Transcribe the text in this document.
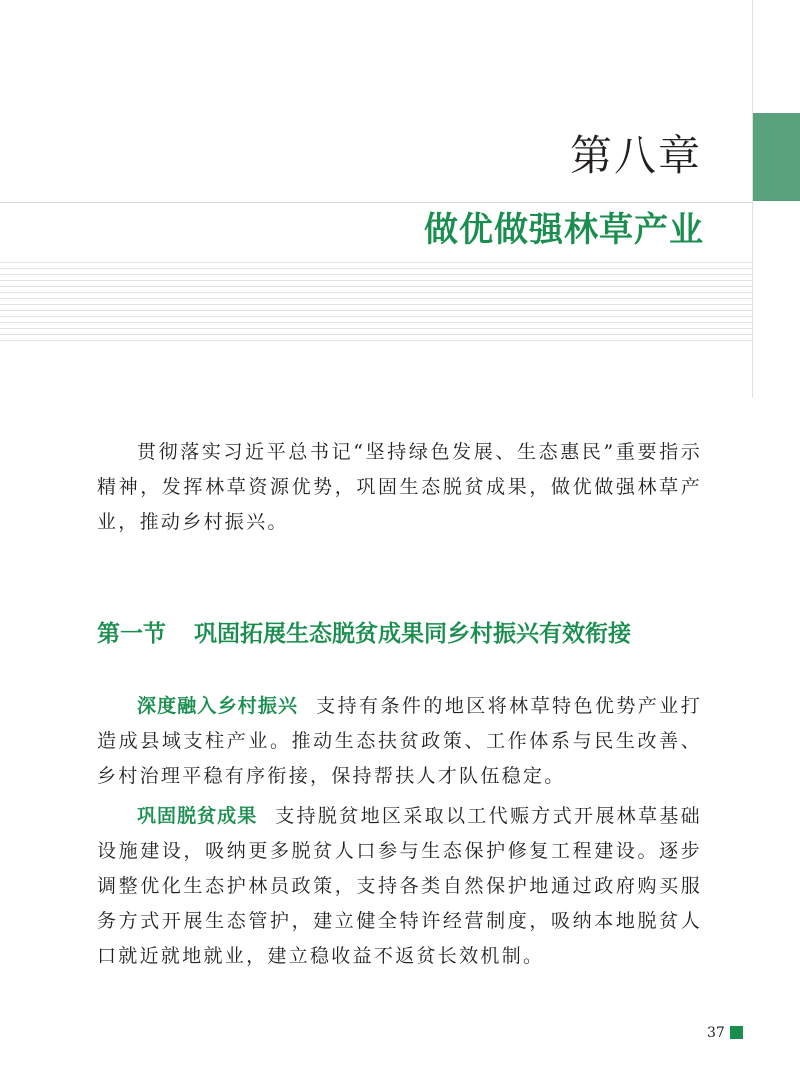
第八章
做优做强林草产业

贯彻落实习近平总书记“坚持绿色发展、生态惠民”重要指示精神，发挥林草资源优势，巩固生态脱贫成果，做优做强林草产业，推动乡村振兴。

第一节 巩固拓展生态脱贫成果同乡村振兴有效衔接

深度融入乡村振兴 支持有条件的地区将林草特色优势产业打造成县域支柱产业。推动生态扶贫政策、工作体系与民生改善、乡村治理平稳有序衔接，保持帮扶人才队伍稳定。

巩固脱贫成果 支持脱贫地区采取以工代赈方式开展林草基础设施建设，吸纳更多脱贫人口参与生态保护修复工程建设。逐步调整优化生态护林员政策，支持各类自然保护地通过政府购买服务方式开展生态管护，建立健全特许经营制度，吸纳本地脱贫人口就近就地就业，建立稳收益不返贫长效机制。

37
